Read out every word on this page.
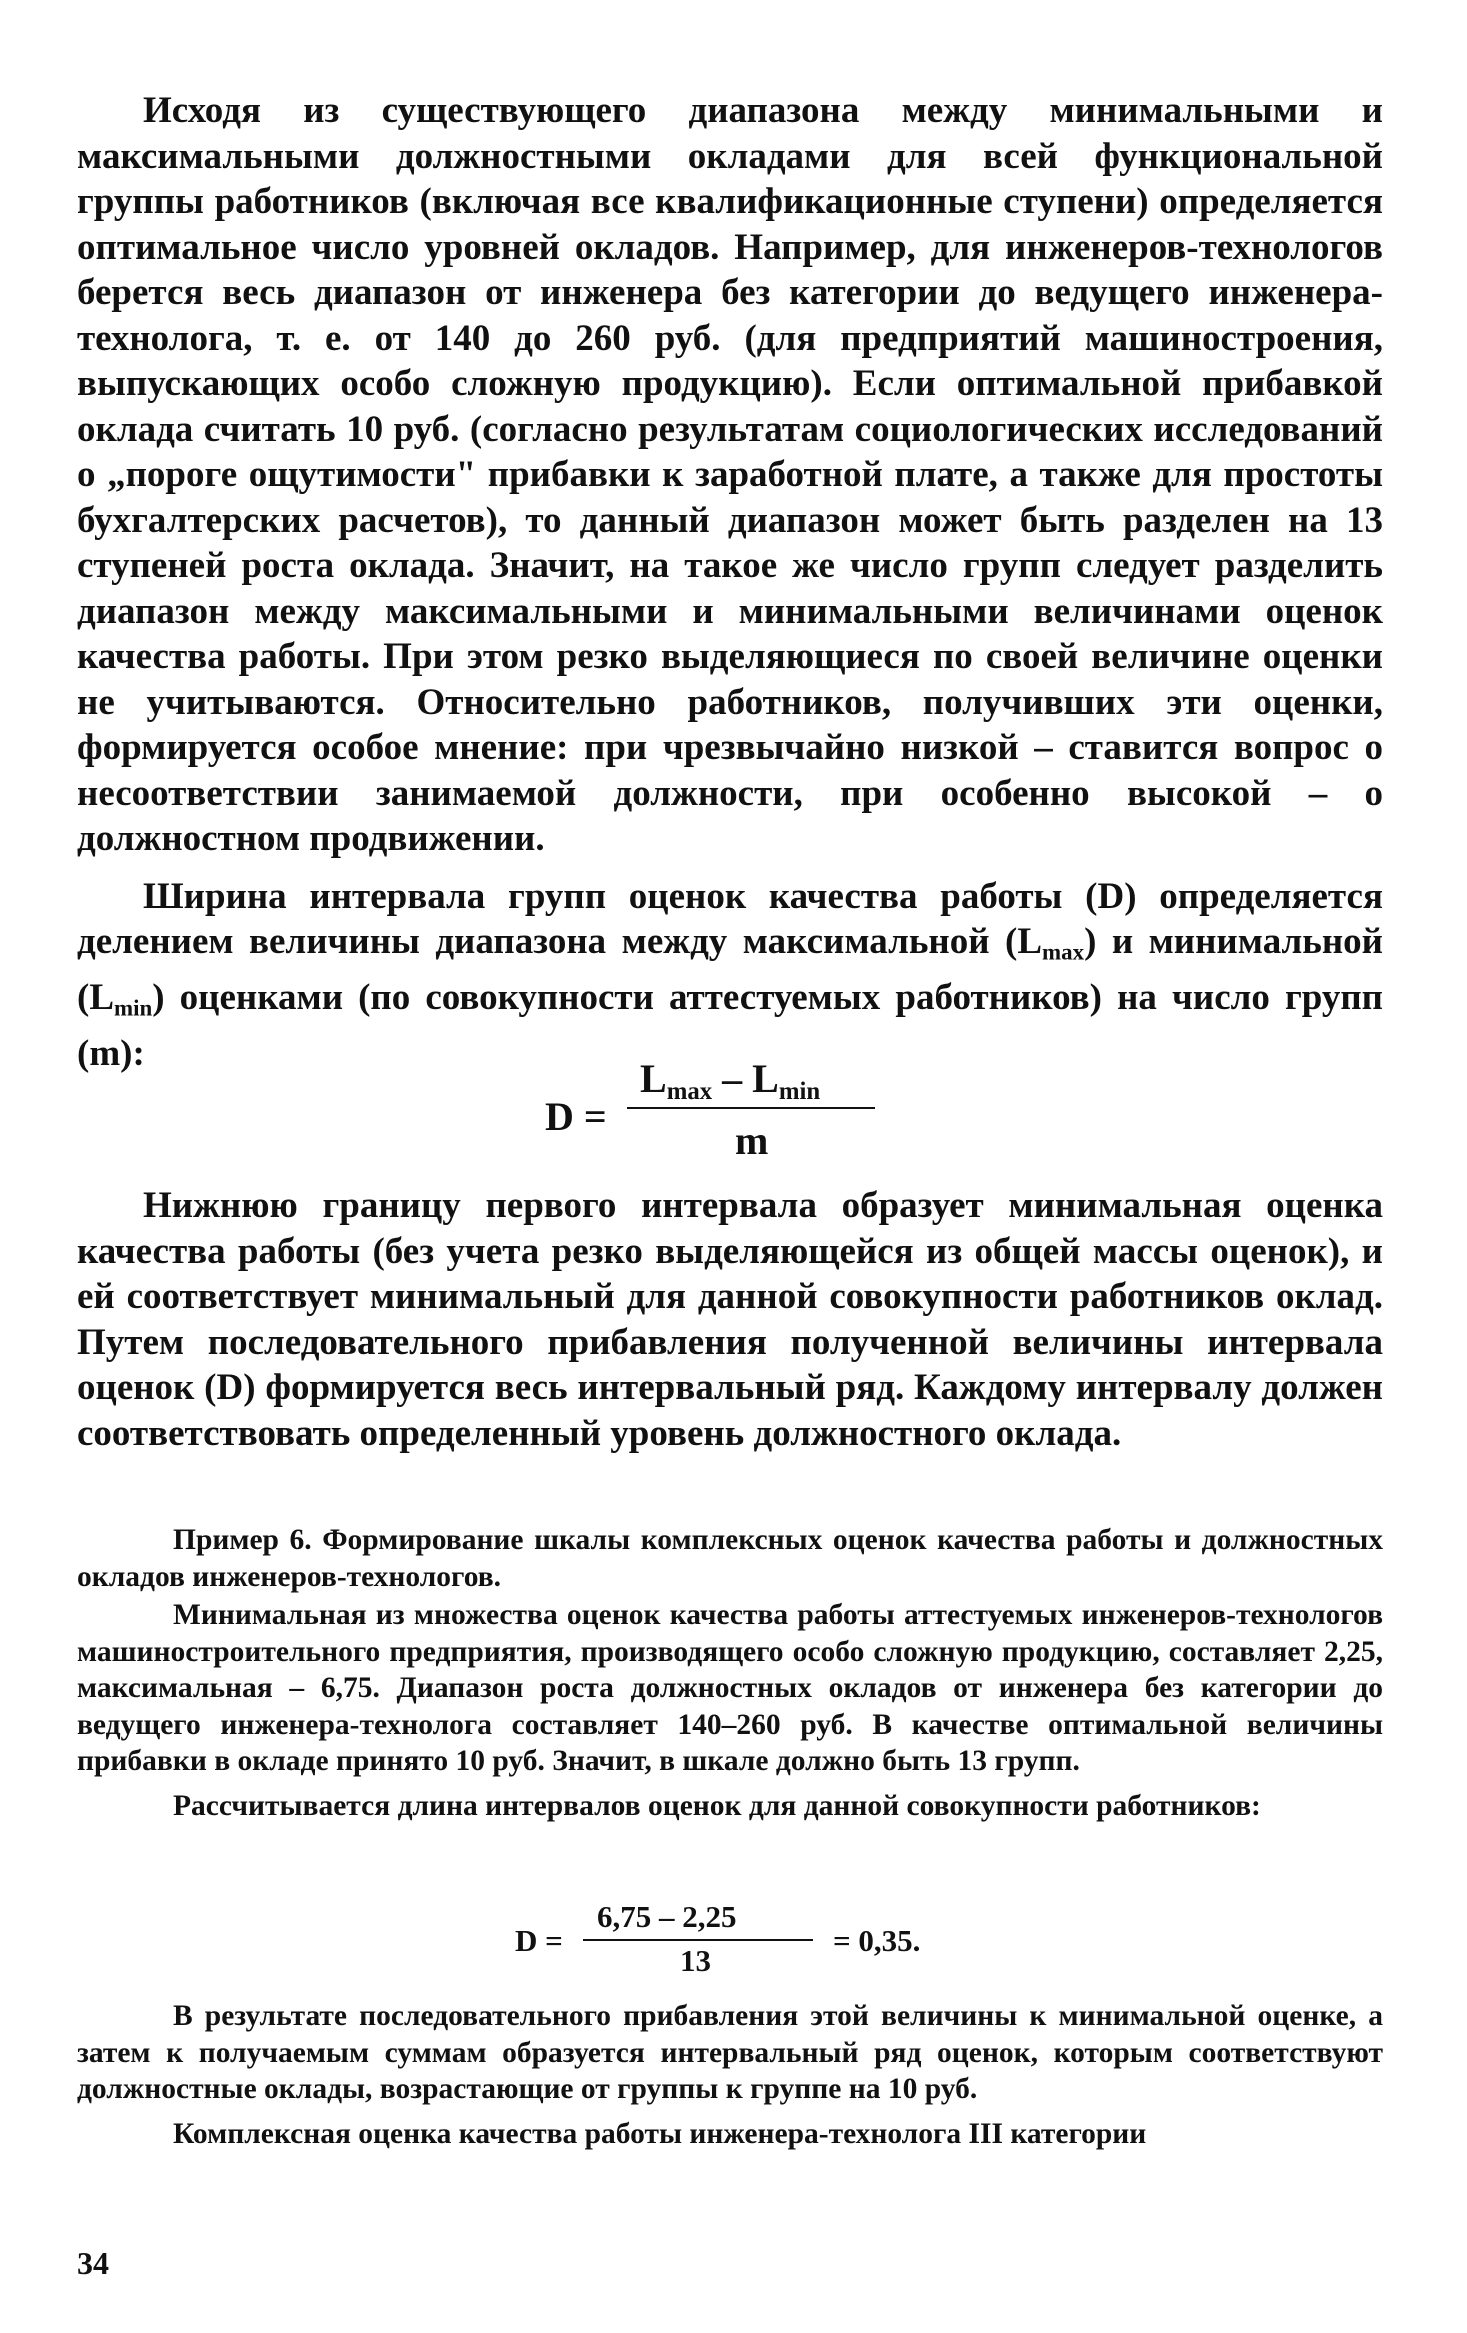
Исходя из существующего диапазона между минимальными и максимальными должностными окладами для всей функциональной группы работников (включая все квалификационные ступени) определяется оптимальное число уровней окладов. Например, для инженеров-технологов берется весь диапазон от инженера без категории до ведущего инженера-технолога, т. е. от 140 до 260 руб. (для предприятий машиностроения, выпускающих особо сложную продукцию). Если оптимальной прибавкой оклада считать 10 руб. (согласно результатам социологических исследований о „пороге ощутимости" прибавки к заработной плате, а также для простоты бухгалтерских расчетов), то данный диапазон может быть разделен на 13 ступеней роста оклада. Значит, на такое же число групп следует разделить диапазон между максимальными и минимальными величинами оценок качества работы. При этом резко выделяющиеся по своей величине оценки не учитываются. Относительно работников, получивших эти оценки, формируется особое мнение: при чрезвычайно низкой – ставится вопрос о несоответствии занимаемой должности, при особенно высокой – о должностном продвижении.

Ширина интервала групп оценок качества работы (D) определяется делением величины диапазона между максимальной $(L_{max})$ и минимальной $(L_{min})$ оценками (по совокупности аттестуемых работников) на число групп (m):

D =
$L_{max} - L_{min}$
m

Нижнюю границу первого интервала образует минимальная оценка качества работы (без учета резко выделяющейся из общей массы оценок), и ей соответствует минимальный для данной совокупности работников оклад. Путем последовательного прибавления полученной величины интервала оценок (D) формируется весь интервальный ряд. Каждому интервалу должен соответствовать определенный уровень должностного оклада.

Пример 6. Формирование шкалы комплексных оценок качества работы и должностных окладов инженеров-технологов.

Минимальная из множества оценок качества работы аттестуемых инженеров-технологов машиностроительного предприятия, производящего особо сложную продукцию, составляет 2,25, максимальная – 6,75. Диапазон роста должностных окладов от инженера без категории до ведущего инженера-технолога составляет 140–260 руб. В качестве оптимальной величины прибавки в окладе принято 10 руб. Значит, в шкале должно быть 13 групп.

Рассчитывается длина интервалов оценок для данной совокупности работников:

D =
6,75 – 2,25
13
= 0,35.

В результате последовательного прибавления этой величины к минимальной оценке, а затем к получаемым суммам образуется интервальный ряд оценок, которым соответствуют должностные оклады, возрастающие от группы к группе на 10 руб.

Комплексная оценка качества работы инженера-технолога III категории

34
